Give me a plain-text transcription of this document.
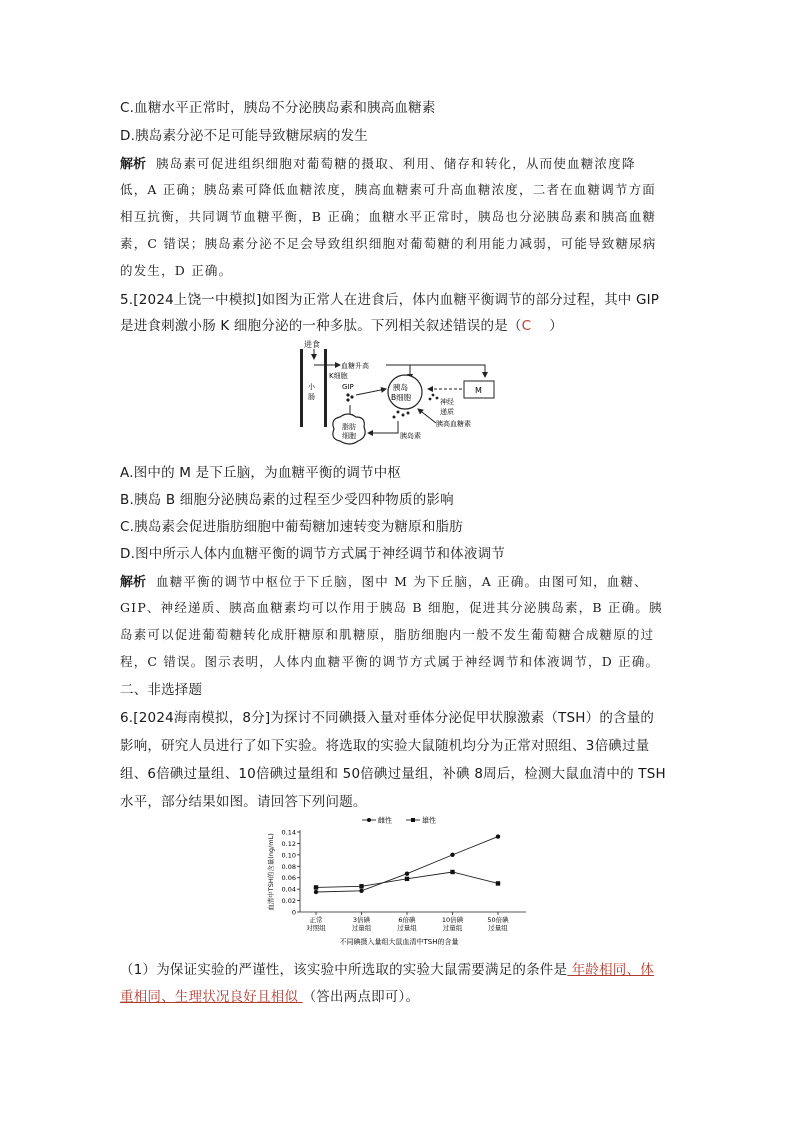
C.血糖水平正常时，胰岛不分泌胰岛素和胰高血糖素
D.胰岛素分泌不足可能导致糖尿病的发生
解析 胰岛素可促进组织细胞对葡萄糖的摄取、利用、储存和转化，从而使血糖浓度降
低，A 正确；胰岛素可降低血糖浓度，胰高血糖素可升高血糖浓度，二者在血糖调节方面
相互抗衡，共同调节血糖平衡，B 正确；血糖水平正常时，胰岛也分泌胰岛素和胰高血糖
素，C 错误；胰岛素分泌不足会导致组织细胞对葡萄糖的利用能力减弱，可能导致糖尿病
的发生，D 正确。
5.[2024上饶一中模拟]如图为正常人在进食后，体内血糖平衡调节的部分过程，其中 GIP
是进食刺激小肠 K 细胞分泌的一种多肽。下列相关叙述错误的是（C ）
进食
小
肠
血糖升高
K细胞
GIP	胰岛
B细胞
M
神经
递质
胰高血糖素
脂肪
细胞	胰岛素
A.图中的 M 是下丘脑，为血糖平衡的调节中枢
B.胰岛 B 细胞分泌胰岛素的过程至少受四种物质的影响
C.胰岛素会促进脂肪细胞中葡萄糖加速转变为糖原和脂肪
D.图中所示人体内血糖平衡的调节方式属于神经调节和体液调节
解析 血糖平衡的调节中枢位于下丘脑，图中 M 为下丘脑，A 正确。由图可知，血糖、
GIP、神经递质、胰高血糖素均可以作用于胰岛 B 细胞，促进其分泌胰岛素，B 正确。胰
岛素可以促进葡萄糖转化成肝糖原和肌糖原，脂肪细胞内一般不发生葡萄糖合成糖原的过
程，C 错误。图示表明，人体内血糖平衡的调节方式属于神经调节和体液调节，D 正确。
二、非选择题
6.[2024海南模拟，8分]为探讨不同碘摄入量对垂体分泌促甲状腺激素（TSH）的含量的
影响，研究人员进行了如下实验。将选取的实验大鼠随机均分为正常对照组、3倍碘过量
组、6倍碘过量组、10倍碘过量组和 50倍碘过量组，补碘 8周后，检测大鼠血清中的 TSH
水平，部分结果如图。请回答下列问题。
雌性	雄性
0
0.02
0.04
0.06
0.08
0.10
0.12
0.14
正常
对照组
3倍碘
过量组
6倍碘
过量组
10倍碘
过量组
50倍碘
过量组
血清中TSH的含量(ng/mL)
不同碘摄入量组大鼠血清中TSH的含量
（1）为保证实验的严谨性，该实验中所选取的实验大鼠需要满足的条件是 年龄相同、体
重相同、生理状况良好且相似 （答出两点即可）。
